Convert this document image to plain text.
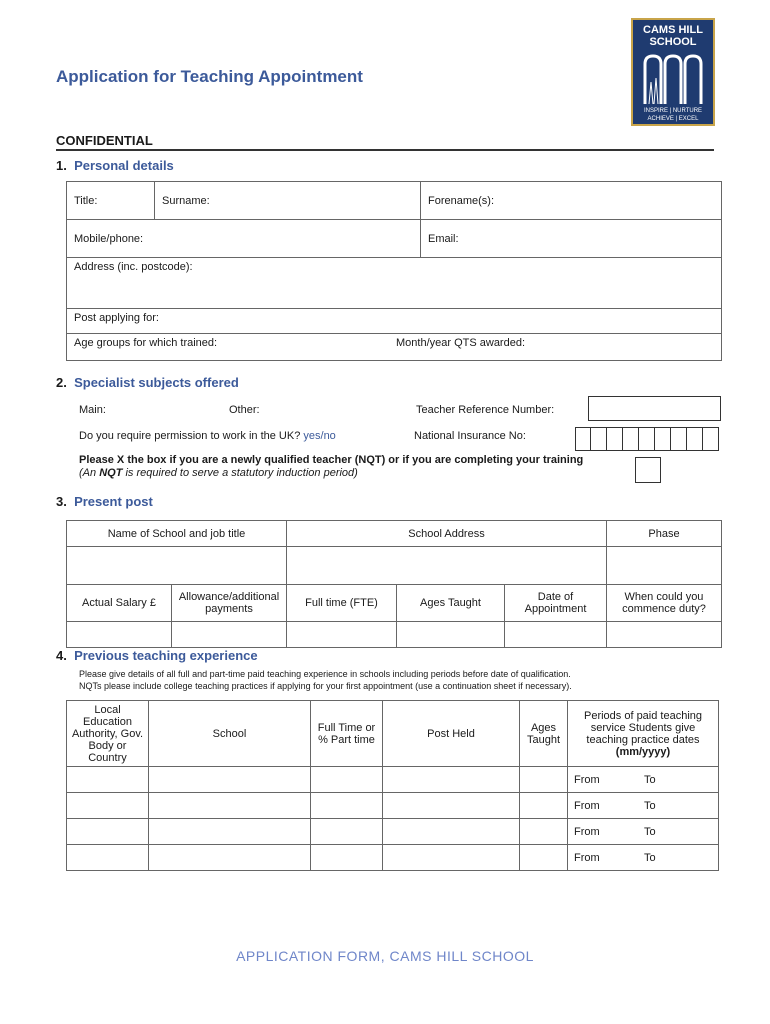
Application for Teaching Appointment
CAMS HILL
SCHOOL
INSPIRE | NURTURE
ACHIEVE | EXCEL
CONFIDENTIAL
1. Personal details
Title:	Surname:	Forename(s):
Mobile/phone:		Email:
Address (inc. postcode):		
Post applying for:		
Age groups for which trained: Month/year QTS awarded:		
2. Specialist subjects offered
Main:	Other:	Teacher Reference Number:
Do you require permission to work in the UK? yes/no	National Insurance No:
Please X the box if you are a newly qualified teacher (NQT) or if you are completing your training
(An NQT is required to serve a statutory induction period)
3. Present post
Name of School and job title		School Address			Phase

Actual Salary £	Allowance/additional payments	Full time (FTE)	Ages Taught	Date of Appointment	When could you commence duty?

4. Previous teaching experience
Please give details of all full and part-time paid teaching experience in schools including periods before date of qualification.
NQTs please include college teaching practices if applying for your first appointment (use a continuation sheet if necessary).
Local Education Authority, Gov. Body or Country	School	Full Time or % Part time	Post Held	Ages Taught	Periods of paid teaching service Students give teaching practice dates (mm/yyyy)
					From To
					From To
					From To
					From To
APPLICATION FORM, CAMS HILL SCHOOL
